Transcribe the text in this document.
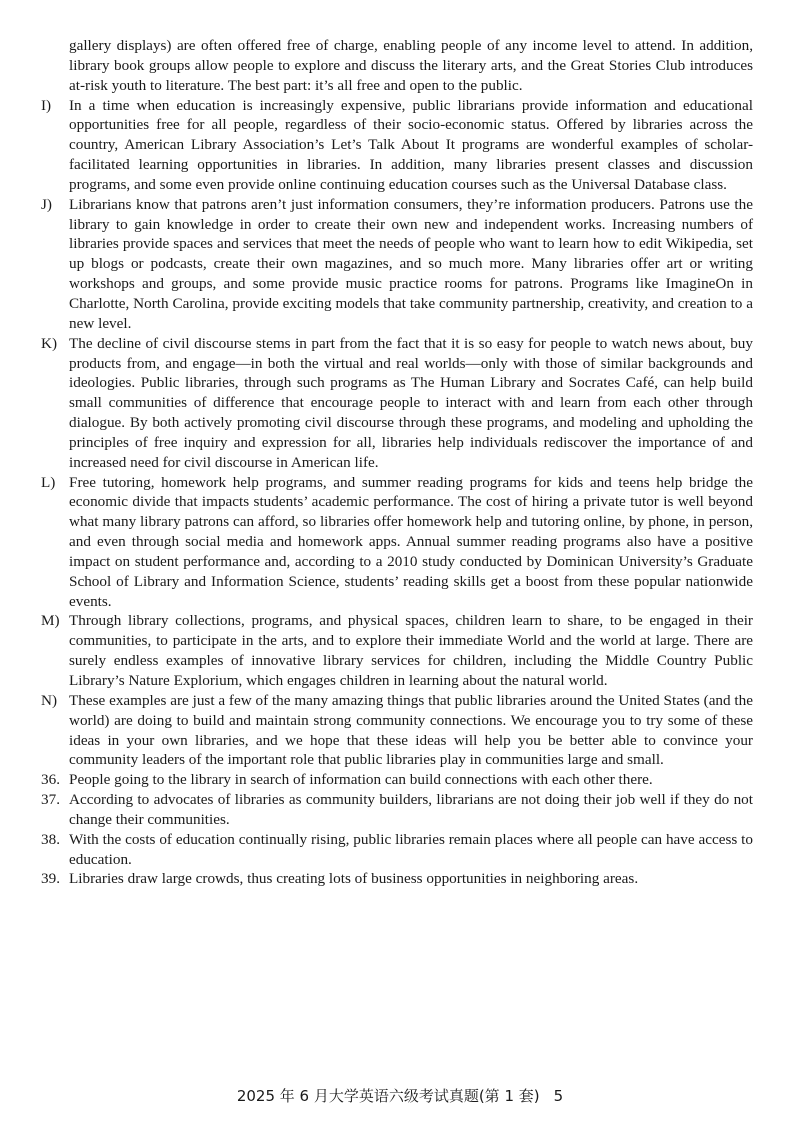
gallery displays) are often offered free of charge, enabling people of any income level to attend. In addition, library book groups allow people to explore and discuss the literary arts, and the Great Stories Club introduces at-risk youth to literature. The best part: it’s all free and open to the public.

I) In a time when education is increasingly expensive, public librarians provide information and educational opportunities free for all people, regardless of their socio-economic status. Offered by libraries across the country, American Library Association’s Let’s Talk About It programs are wonderful examples of scholar-facilitated learning opportunities in libraries. In addition, many libraries present classes and discussion programs, and some even provide online continuing education courses such as the Universal Database class.
J) Librarians know that patrons aren’t just information consumers, they’re information producers. Patrons use the library to gain knowledge in order to create their own new and independent works. Increasing numbers of libraries provide spaces and services that meet the needs of people who want to learn how to edit Wikipedia, set up blogs or podcasts, create their own magazines, and so much more. Many libraries offer art or writing workshops and groups, and some provide music practice rooms for patrons. Programs like ImagineOn in Charlotte, North Carolina, provide exciting models that take community partnership, creativity, and creation to a new level.
K) The decline of civil discourse stems in part from the fact that it is so easy for people to watch news about, buy products from, and engage—in both the virtual and real worlds—only with those of similar backgrounds and ideologies. Public libraries, through such programs as The Human Library and Socrates Café, can help build small communities of difference that encourage people to interact with and learn from each other through dialogue. By both actively promoting civil discourse through these programs, and modeling and upholding the principles of free inquiry and expression for all, libraries help individuals rediscover the importance of and increased need for civil discourse in American life.
L) Free tutoring, homework help programs, and summer reading programs for kids and teens help bridge the economic divide that impacts students’ academic performance. The cost of hiring a private tutor is well beyond what many library patrons can afford, so libraries offer homework help and tutoring online, by phone, in person, and even through social media and homework apps. Annual summer reading programs also have a positive impact on student performance and, according to a 2010 study conducted by Dominican University’s Graduate School of Library and Information Science, students’ reading skills get a boost from these popular nationwide events.
M) Through library collections, programs, and physical spaces, children learn to share, to be engaged in their communities, to participate in the arts, and to explore their immediate World and the world at large. There are surely endless examples of innovative library services for children, including the Middle Country Public Library’s Nature Explorium, which engages children in learning about the natural world.
N) These examples are just a few of the many amazing things that public libraries around the United States (and the world) are doing to build and maintain strong community connections. We encourage you to try some of these ideas in your own libraries, and we hope that these ideas will help you be better able to convince your community leaders of the important role that public libraries play in communities large and small.
36. People going to the library in search of information can build connections with each other there.
37. According to advocates of libraries as community builders, librarians are not doing their job well if they do not change their communities.
38. With the costs of education continually rising, public libraries remain places where all people can have access to education.
39. Libraries draw large crowds, thus creating lots of business opportunities in neighboring areas.
2025 年 6 月大学英语六级考试真题(第 1 套) 5
